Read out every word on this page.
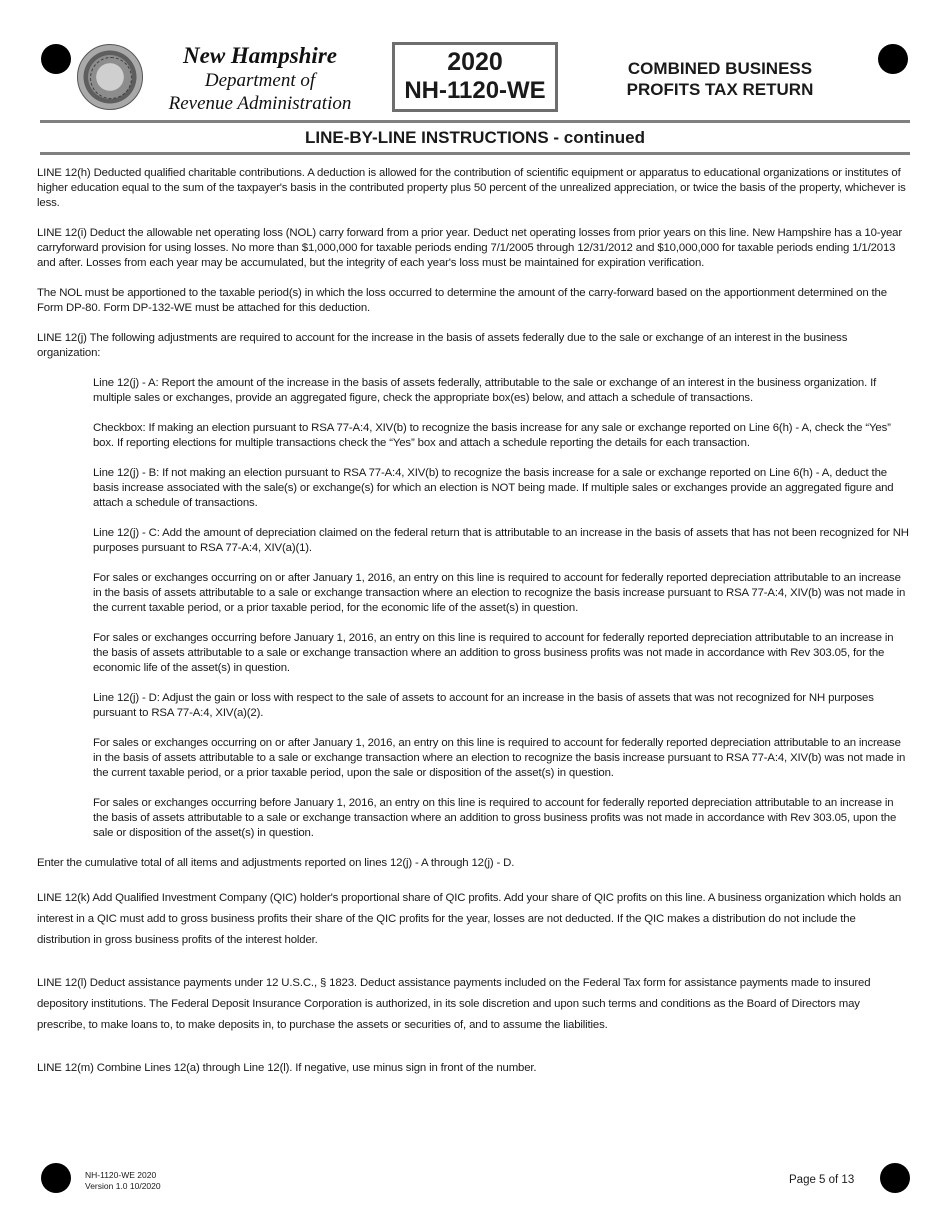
New Hampshire
Department of
Revenue Administration
2020
NH-1120-WE
COMBINED BUSINESS
PROFITS TAX RETURN
LINE-BY-LINE INSTRUCTIONS - continued

LINE 12(h) Deducted qualified charitable contributions. A deduction is allowed for the contribution of scientific equipment or apparatus to educational organizations or institutes of higher education equal to the sum of the taxpayer's basis in the contributed property plus 50 percent of the unrealized appreciation, or twice the basis of the property, whichever is less.

LINE 12(i) Deduct the allowable net operating loss (NOL) carry forward from a prior year. Deduct net operating losses from prior years on this line. New Hampshire has a 10-year carryforward provision for using losses. No more than $1,000,000 for taxable periods ending 7/1/2005 through 12/31/2012 and $10,000,000 for taxable periods ending 1/1/2013 and after. Losses from each year may be accumulated, but the integrity of each year's loss must be maintained for expiration verification.

The NOL must be apportioned to the taxable period(s) in which the loss occurred to determine the amount of the carry-forward based on the apportionment determined on the Form DP-80. Form DP-132-WE must be attached for this deduction.

LINE 12(j) The following adjustments are required to account for the increase in the basis of assets federally due to the sale or exchange of an interest in the business organization:

Line 12(j) - A: Report the amount of the increase in the basis of assets federally, attributable to the sale or exchange of an interest in the business organization. If multiple sales or exchanges, provide an aggregated figure, check the appropriate box(es) below, and attach a schedule of transactions.

Checkbox: If making an election pursuant to RSA 77-A:4, XIV(b) to recognize the basis increase for any sale or exchange reported on Line 6(h) - A, check the “Yes” box. If reporting elections for multiple transactions check the “Yes” box and attach a schedule reporting the details for each transaction.

Line 12(j) - B: If not making an election pursuant to RSA 77-A:4, XIV(b) to recognize the basis increase for a sale or exchange reported on Line 6(h) - A, deduct the basis increase associated with the sale(s) or exchange(s) for which an election is NOT being made. If multiple sales or exchanges provide an aggregated figure and attach a schedule of transactions.

Line 12(j) - C: Add the amount of depreciation claimed on the federal return that is attributable to an increase in the basis of assets that has not been recognized for NH purposes pursuant to RSA 77-A:4, XIV(a)(1).

For sales or exchanges occurring on or after January 1, 2016, an entry on this line is required to account for federally reported depreciation attributable to an increase in the basis of assets attributable to a sale or exchange transaction where an election to recognize the basis increase pursuant to RSA 77-A:4, XIV(b) was not made in the current taxable period, or a prior taxable period, for the economic life of the asset(s) in question.

For sales or exchanges occurring before January 1, 2016, an entry on this line is required to account for federally reported depreciation attributable to an increase in the basis of assets attributable to a sale or exchange transaction where an addition to gross business profits was not made in accordance with Rev 303.05, for the economic life of the asset(s) in question.

Line 12(j) - D: Adjust the gain or loss with respect to the sale of assets to account for an increase in the basis of assets that was not recognized for NH purposes pursuant to RSA 77-A:4, XIV(a)(2).

For sales or exchanges occurring on or after January 1, 2016, an entry on this line is required to account for federally reported depreciation attributable to an increase in the basis of assets attributable to a sale or exchange transaction where an election to recognize the basis increase pursuant to RSA 77-A:4, XIV(b) was not made in the current taxable period, or a prior taxable period, upon the sale or disposition of the asset(s) in question.

For sales or exchanges occurring before January 1, 2016, an entry on this line is required to account for federally reported depreciation attributable to an increase in the basis of assets attributable to a sale or exchange transaction where an addition to gross business profits was not made in accordance with Rev 303.05, upon the sale or disposition of the asset(s) in question.

Enter the cumulative total of all items and adjustments reported on lines 12(j) - A through 12(j) - D.

LINE 12(k) Add Qualified Investment Company (QIC) holder's proportional share of QIC profits. Add your share of QIC profits on this line. A business organization which holds an interest in a QIC must add to gross business profits their share of the QIC profits for the year, losses are not deducted. If the QIC makes a distribution do not include the distribution in gross business profits of the interest holder.

LINE 12(l) Deduct assistance payments under 12 U.S.C., § 1823. Deduct assistance payments included on the Federal Tax form for assistance payments made to insured depository institutions. The Federal Deposit Insurance Corporation is authorized, in its sole discretion and upon such terms and conditions as the Board of Directors may prescribe, to make loans to, to make deposits in, to purchase the assets or securities of, and to assume the liabilities.

LINE 12(m) Combine Lines 12(a) through Line 12(l). If negative, use minus sign in front of the number.

NH-1120-WE 2020
Version 1.0 10/2020	Page 5 of 13
